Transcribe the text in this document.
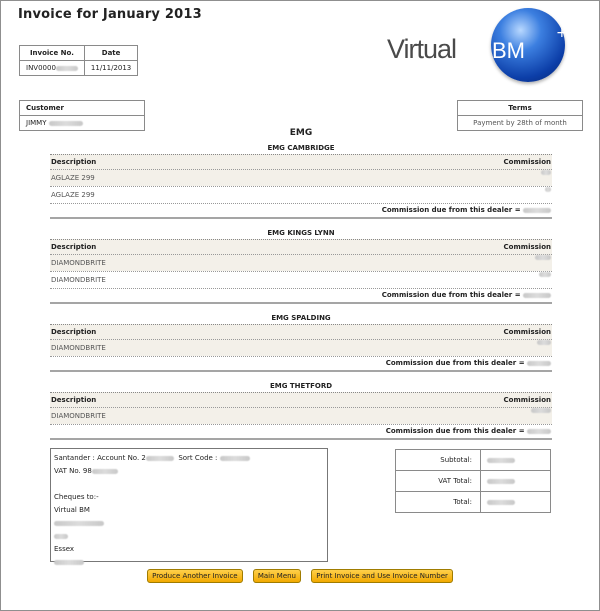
Invoice for January 2013
Virtual BM
+
Invoice No.	Date
INV0000	11/11/2013
Customer
JIMMY
Terms
Payment by 28th of month
EMG
EMG CAMBRIDGE
Description	Commission
AGLAZE 299
AGLAZE 299
Commission due from this dealer =
EMG KINGS LYNN
Description	Commission
DIAMONDBRITE
DIAMONDBRITE
Commission due from this dealer =
EMG SPALDING
Description	Commission
DIAMONDBRITE
Commission due from this dealer =
EMG THETFORD
Description	Commission
DIAMONDBRITE
Commission due from this dealer =
Santander : Account No. 2	Sort Code :
VAT No. 98
Cheques to:-
Virtual BM
Essex
Subtotal:	
VAT Total:	
Total:	
Produce Another Invoice	Main Menu	Print Invoice and Use Invoice Number
